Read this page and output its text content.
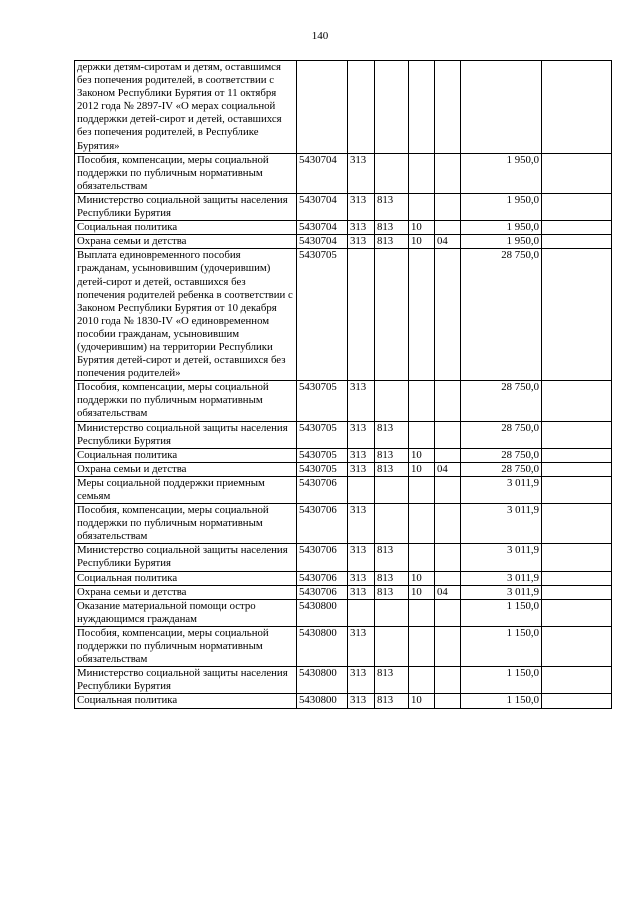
140
держки детям-сиротам и детям, оставшимся без попечения родителей, в соответствии с Законом Республики Бурятия от 11 октября 2012 года № 2897-IV «О мерах социальной поддержки детей-сирот и детей, оставшихся без попечения родителей, в Республике Бурятия»							
Пособия, компенсации, меры социальной поддержки по публичным нормативным обязательствам	5430704	313				1 950,0	
Министерство социальной защиты населения Республики Бурятия	5430704	313	813			1 950,0	
Социальная политика	5430704	313	813	10		1 950,0	
Охрана семьи и детства	5430704	313	813	10	04	1 950,0	
Выплата единовременного пособия гражданам, усыновившим (удочерившим) детей-сирот и детей, оставшихся без попечения родителей ребенка в соответствии с Законом Республики Бурятия от 10 декабря 2010 года № 1830-IV «О единовременном пособии гражданам, усыновившим (удочерившим) на территории Республики Бурятия детей-сирот и детей, оставшихся без попечения родителей»	5430705					28 750,0	
Пособия, компенсации, меры социальной поддержки по публичным нормативным обязательствам	5430705	313				28 750,0	
Министерство социальной защиты населения Республики Бурятия	5430705	313	813			28 750,0	
Социальная политика	5430705	313	813	10		28 750,0	
Охрана семьи и детства	5430705	313	813	10	04	28 750,0	
Меры социальной поддержки приемным семьям	5430706					3 011,9	
Пособия, компенсации, меры социальной поддержки по публичным нормативным обязательствам	5430706	313				3 011,9	
Министерство социальной защиты населения Республики Бурятия	5430706	313	813			3 011,9	
Социальная политика	5430706	313	813	10		3 011,9	
Охрана семьи и детства	5430706	313	813	10	04	3 011,9	
Оказание материальной помощи остро нуждающимся гражданам	5430800					1 150,0	
Пособия, компенсации, меры социальной поддержки по публичным нормативным обязательствам	5430800	313				1 150,0	
Министерство социальной защиты населения Республики Бурятия	5430800	313	813			1 150,0	
Социальная политика	5430800	313	813	10		1 150,0	
